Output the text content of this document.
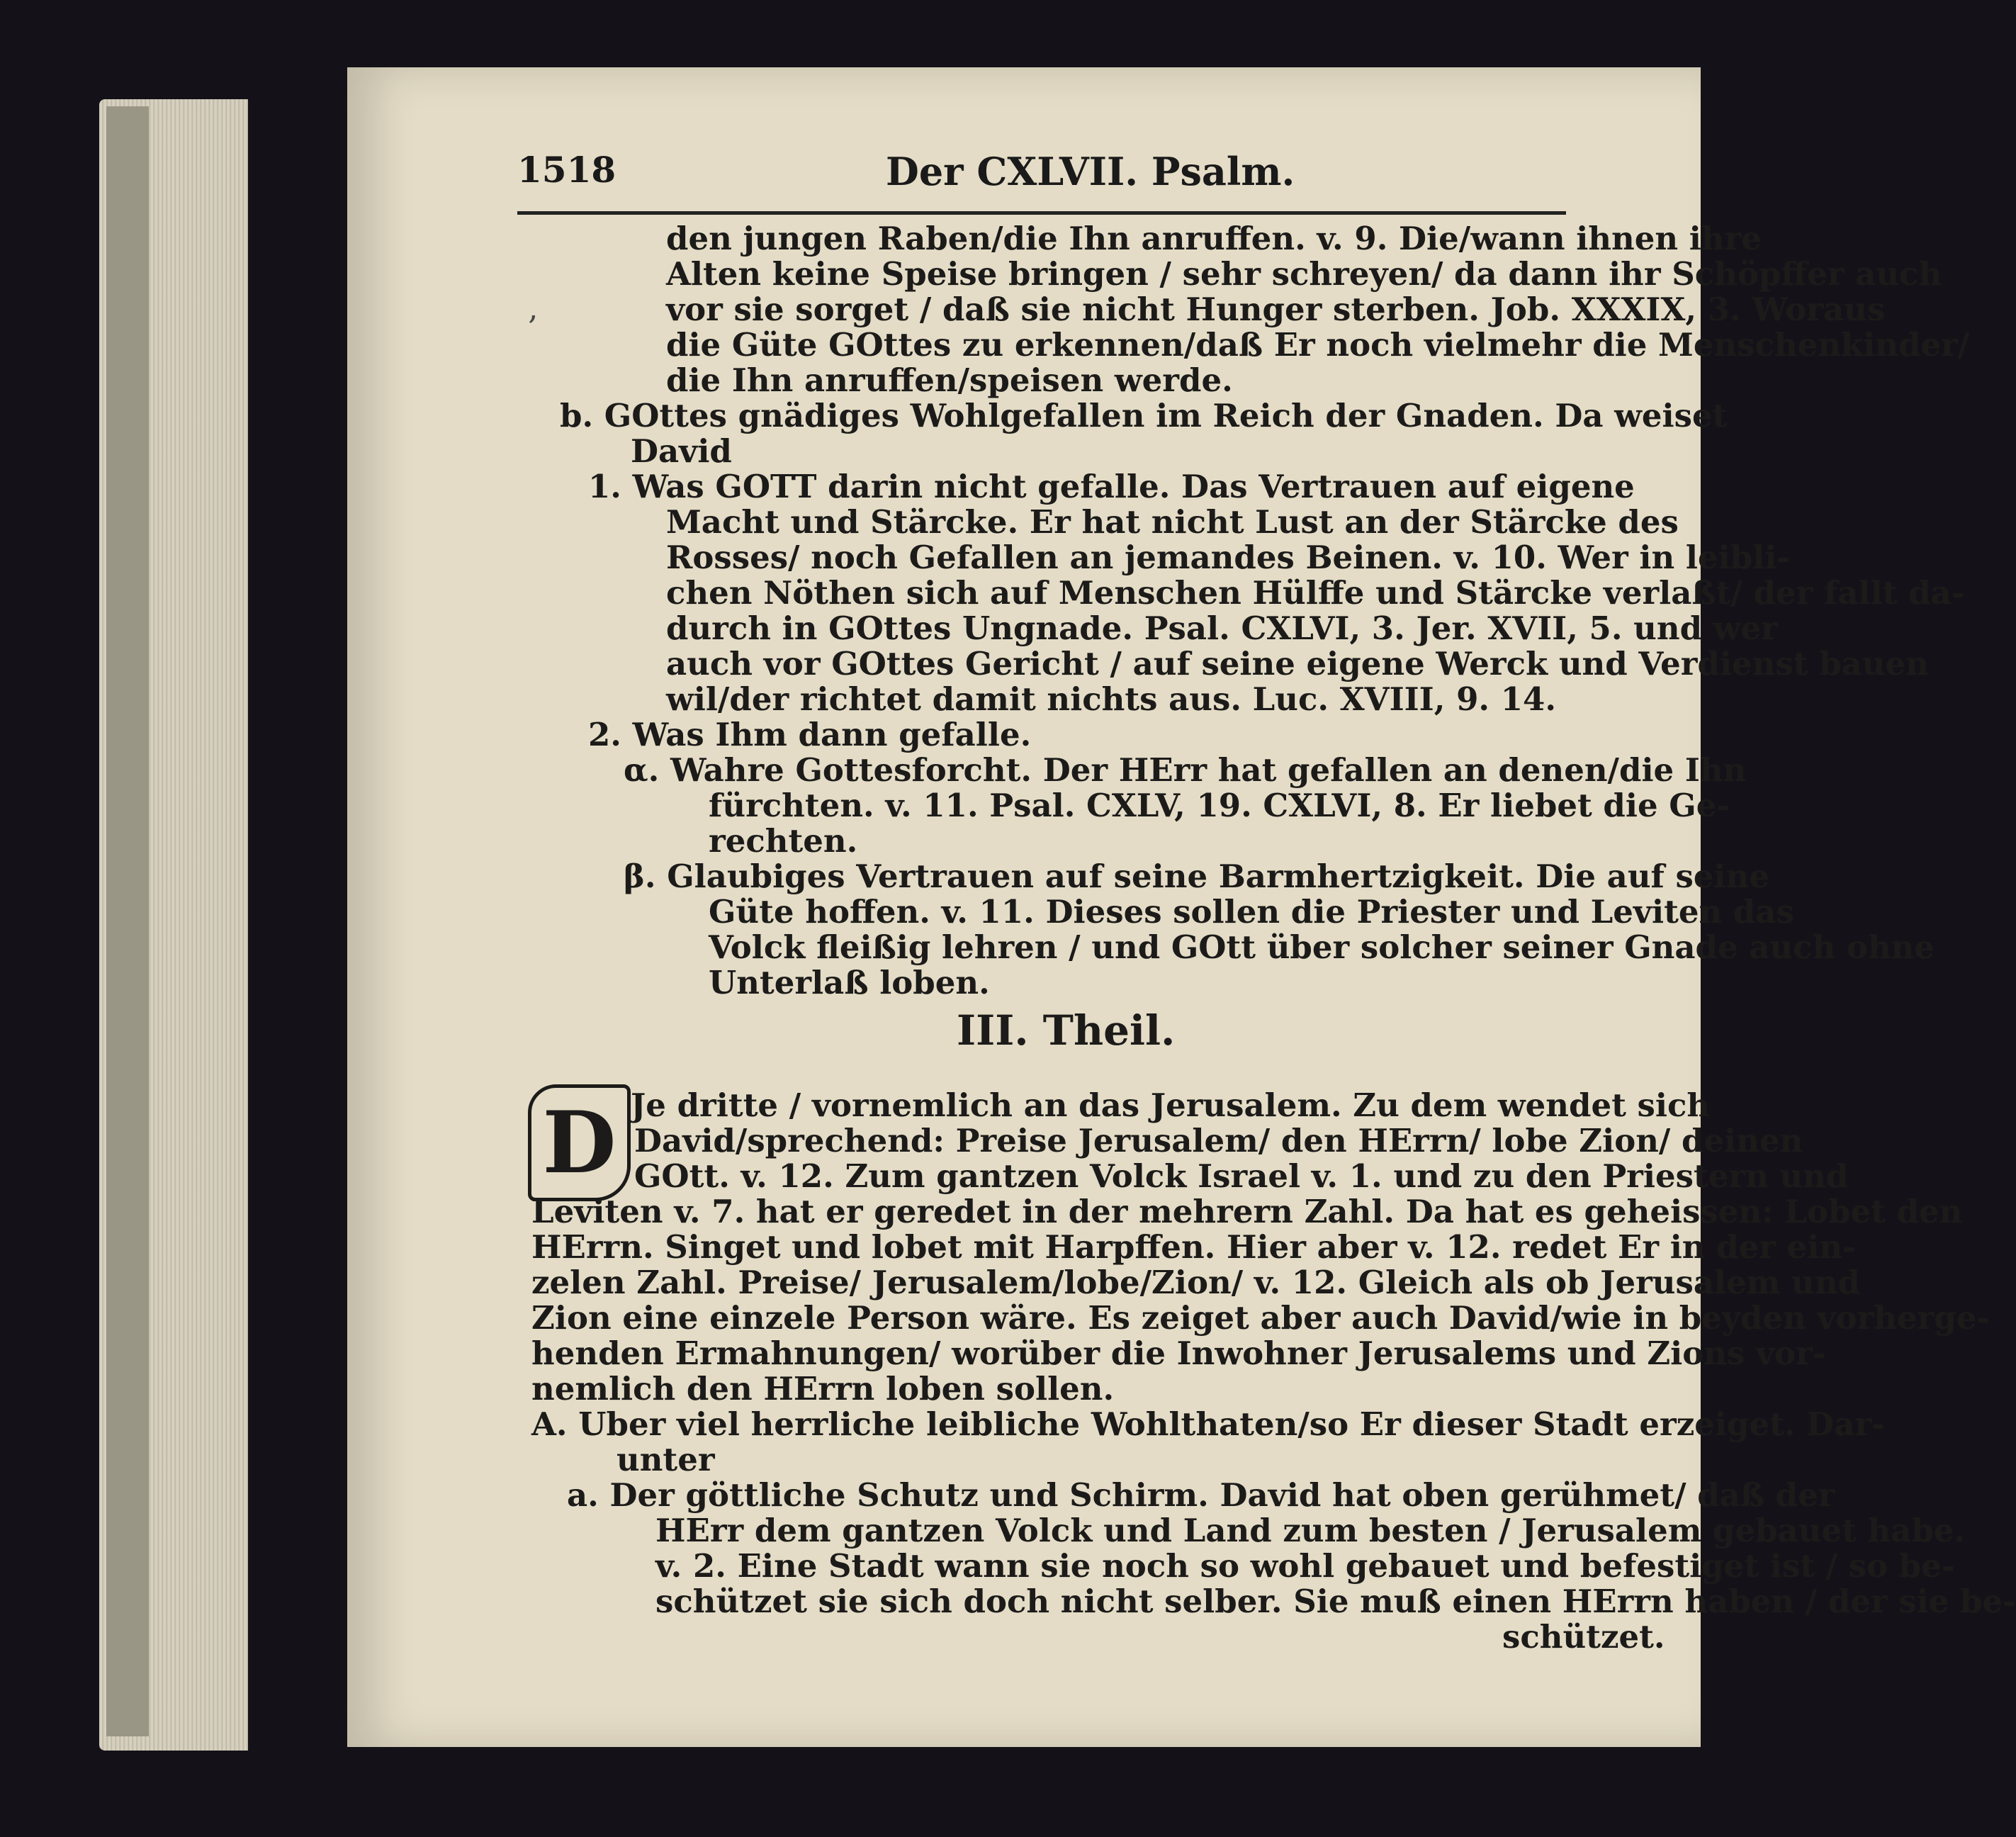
1518	Der CXLVII. Psalm.
‚
den jungen Raben/die Ihn anruffen. v. 9. Die/wann ihnen ihre
Alten keine Speise bringen / sehr schreyen/ da dann ihr Schöpffer auch
vor sie sorget / daß sie nicht Hunger sterben. Job. XXXIX, 3. Woraus
die Güte GOttes zu erkennen/daß Er noch vielmehr die Menschenkinder/
die Ihn anruffen/speisen werde.
b. GOttes gnädiges Wohlgefallen im Reich der Gnaden. Da weiset
David
1. Was GOTT darin nicht gefalle. Das Vertrauen auf eigene
Macht und Stärcke. Er hat nicht Lust an der Stärcke des
Rosses/ noch Gefallen an jemandes Beinen. v. 10. Wer in leibli-
chen Nöthen sich auf Menschen Hülffe und Stärcke verlaßt/ der fallt da-
durch in GOttes Ungnade. Psal. CXLVI, 3. Jer. XVII, 5. und wer
auch vor GOttes Gericht / auf seine eigene Werck und Verdienst bauen
wil/der richtet damit nichts aus. Luc. XVIII, 9. 14.
2. Was Ihm dann gefalle.
α. Wahre Gottesforcht. Der HErr hat gefallen an denen/die Ihn
fürchten. v. 11. Psal. CXLV, 19. CXLVI, 8. Er liebet die Ge-
rechten.
β. Glaubiges Vertrauen auf seine Barmhertzigkeit. Die auf seine
Güte hoffen. v. 11. Dieses sollen die Priester und Leviten das
Volck fleißig lehren / und GOtt über solcher seiner Gnade auch ohne
Unterlaß loben.
III. Theil.
D Je dritte / vornemlich an das Jerusalem. Zu dem wendet sich
David/sprechend: Preise Jerusalem/ den HErrn/ lobe Zion/ deinen
GOtt. v. 12. Zum gantzen Volck Israel v. 1. und zu den Priestern und
Leviten v. 7. hat er geredet in der mehrern Zahl. Da hat es geheissen: Lobet den
HErrn. Singet und lobet mit Harpffen. Hier aber v. 12. redet Er in der ein-
zelen Zahl. Preise/ Jerusalem/lobe/Zion/ v. 12. Gleich als ob Jerusalem und
Zion eine einzele Person wäre. Es zeiget aber auch David/wie in beyden vorherge-
henden Ermahnungen/ worüber die Inwohner Jerusalems und Zions vor-
nemlich den HErrn loben sollen.
A. Uber viel herrliche leibliche Wohlthaten/so Er dieser Stadt erzeiget. Dar-
unter
a. Der göttliche Schutz und Schirm. David hat oben gerühmet/ daß der
HErr dem gantzen Volck und Land zum besten / Jerusalem gebauet habe.
v. 2. Eine Stadt wann sie noch so wohl gebauet und befestiget ist / so be-
schützet sie sich doch nicht selber. Sie muß einen HErrn haben / der sie be-
schützet.
